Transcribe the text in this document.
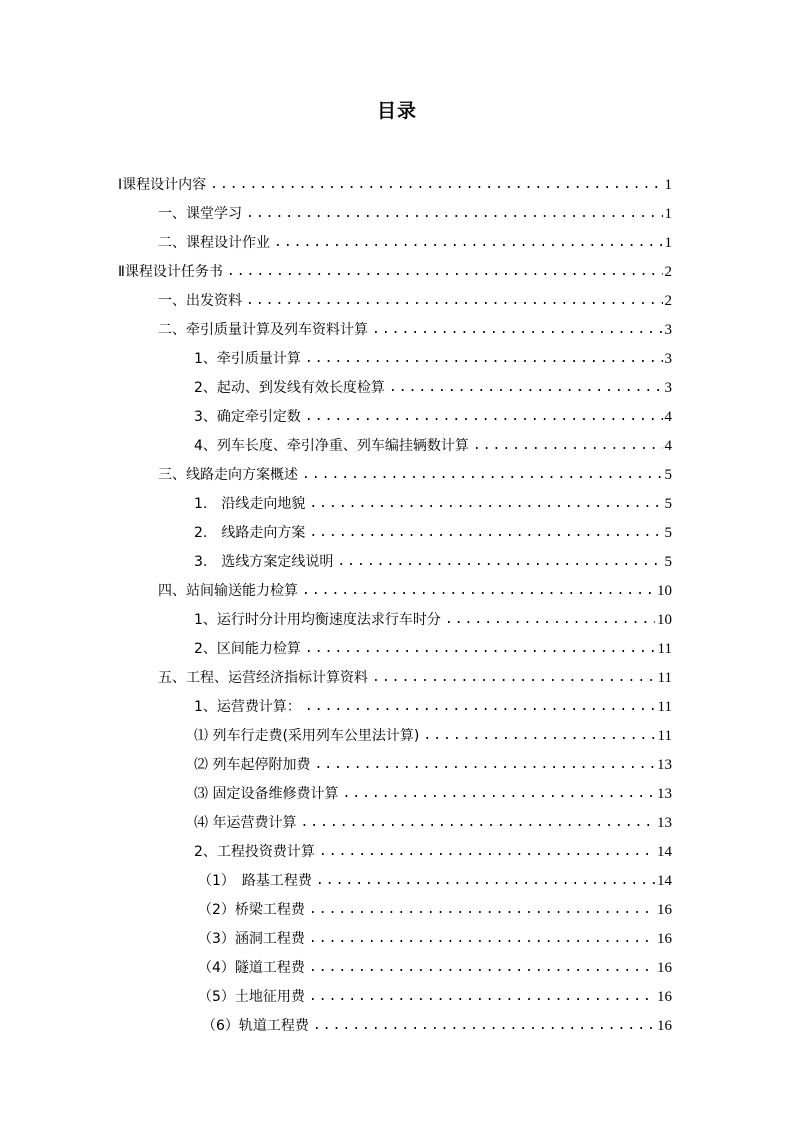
目录
Ⅰ课程设计内容 .....	1
一、课堂学习 .....	1
二、课程设计作业 .....	1
Ⅱ课程设计任务书 .....	2
一、出发资料 .....	2
二、牵引质量计算及列车资料计算 .....	3
1、牵引质量计算 .....	3
2、起动、到发线有效长度检算 .....	3
3、确定牵引定数 .....	4
4、列车长度、牵引净重、列车编挂辆数计算 .....	4
三、线路走向方案概述 .....	5
1.　沿线走向地貌 .....	5
2.　线路走向方案 .....	5
3.　选线方案定线说明 .....	5
四、站间输送能力检算 .....	10
1、运行时分计用均衡速度法求行车时分 .....	10
2、区间能力检算 .....	11
五、工程、运营经济指标计算资料 .....	11
1、运营费计算： .....	11
⑴ 列车行走费(采用列车公里法计算) .....	11
⑵ 列车起停附加费 .....	13
⑶ 固定设备维修费计算 .....	13
⑷ 年运营费计算 .....	13
2、工程投资费计算 .....	14
（1）　路基工程费 .....	14
（2）桥梁工程费 .....	16
（3）涵洞工程费 .....	16
（4）隧道工程费 .....	16
（5）土地征用费 .....	16
（6）轨道工程费 .....	16
